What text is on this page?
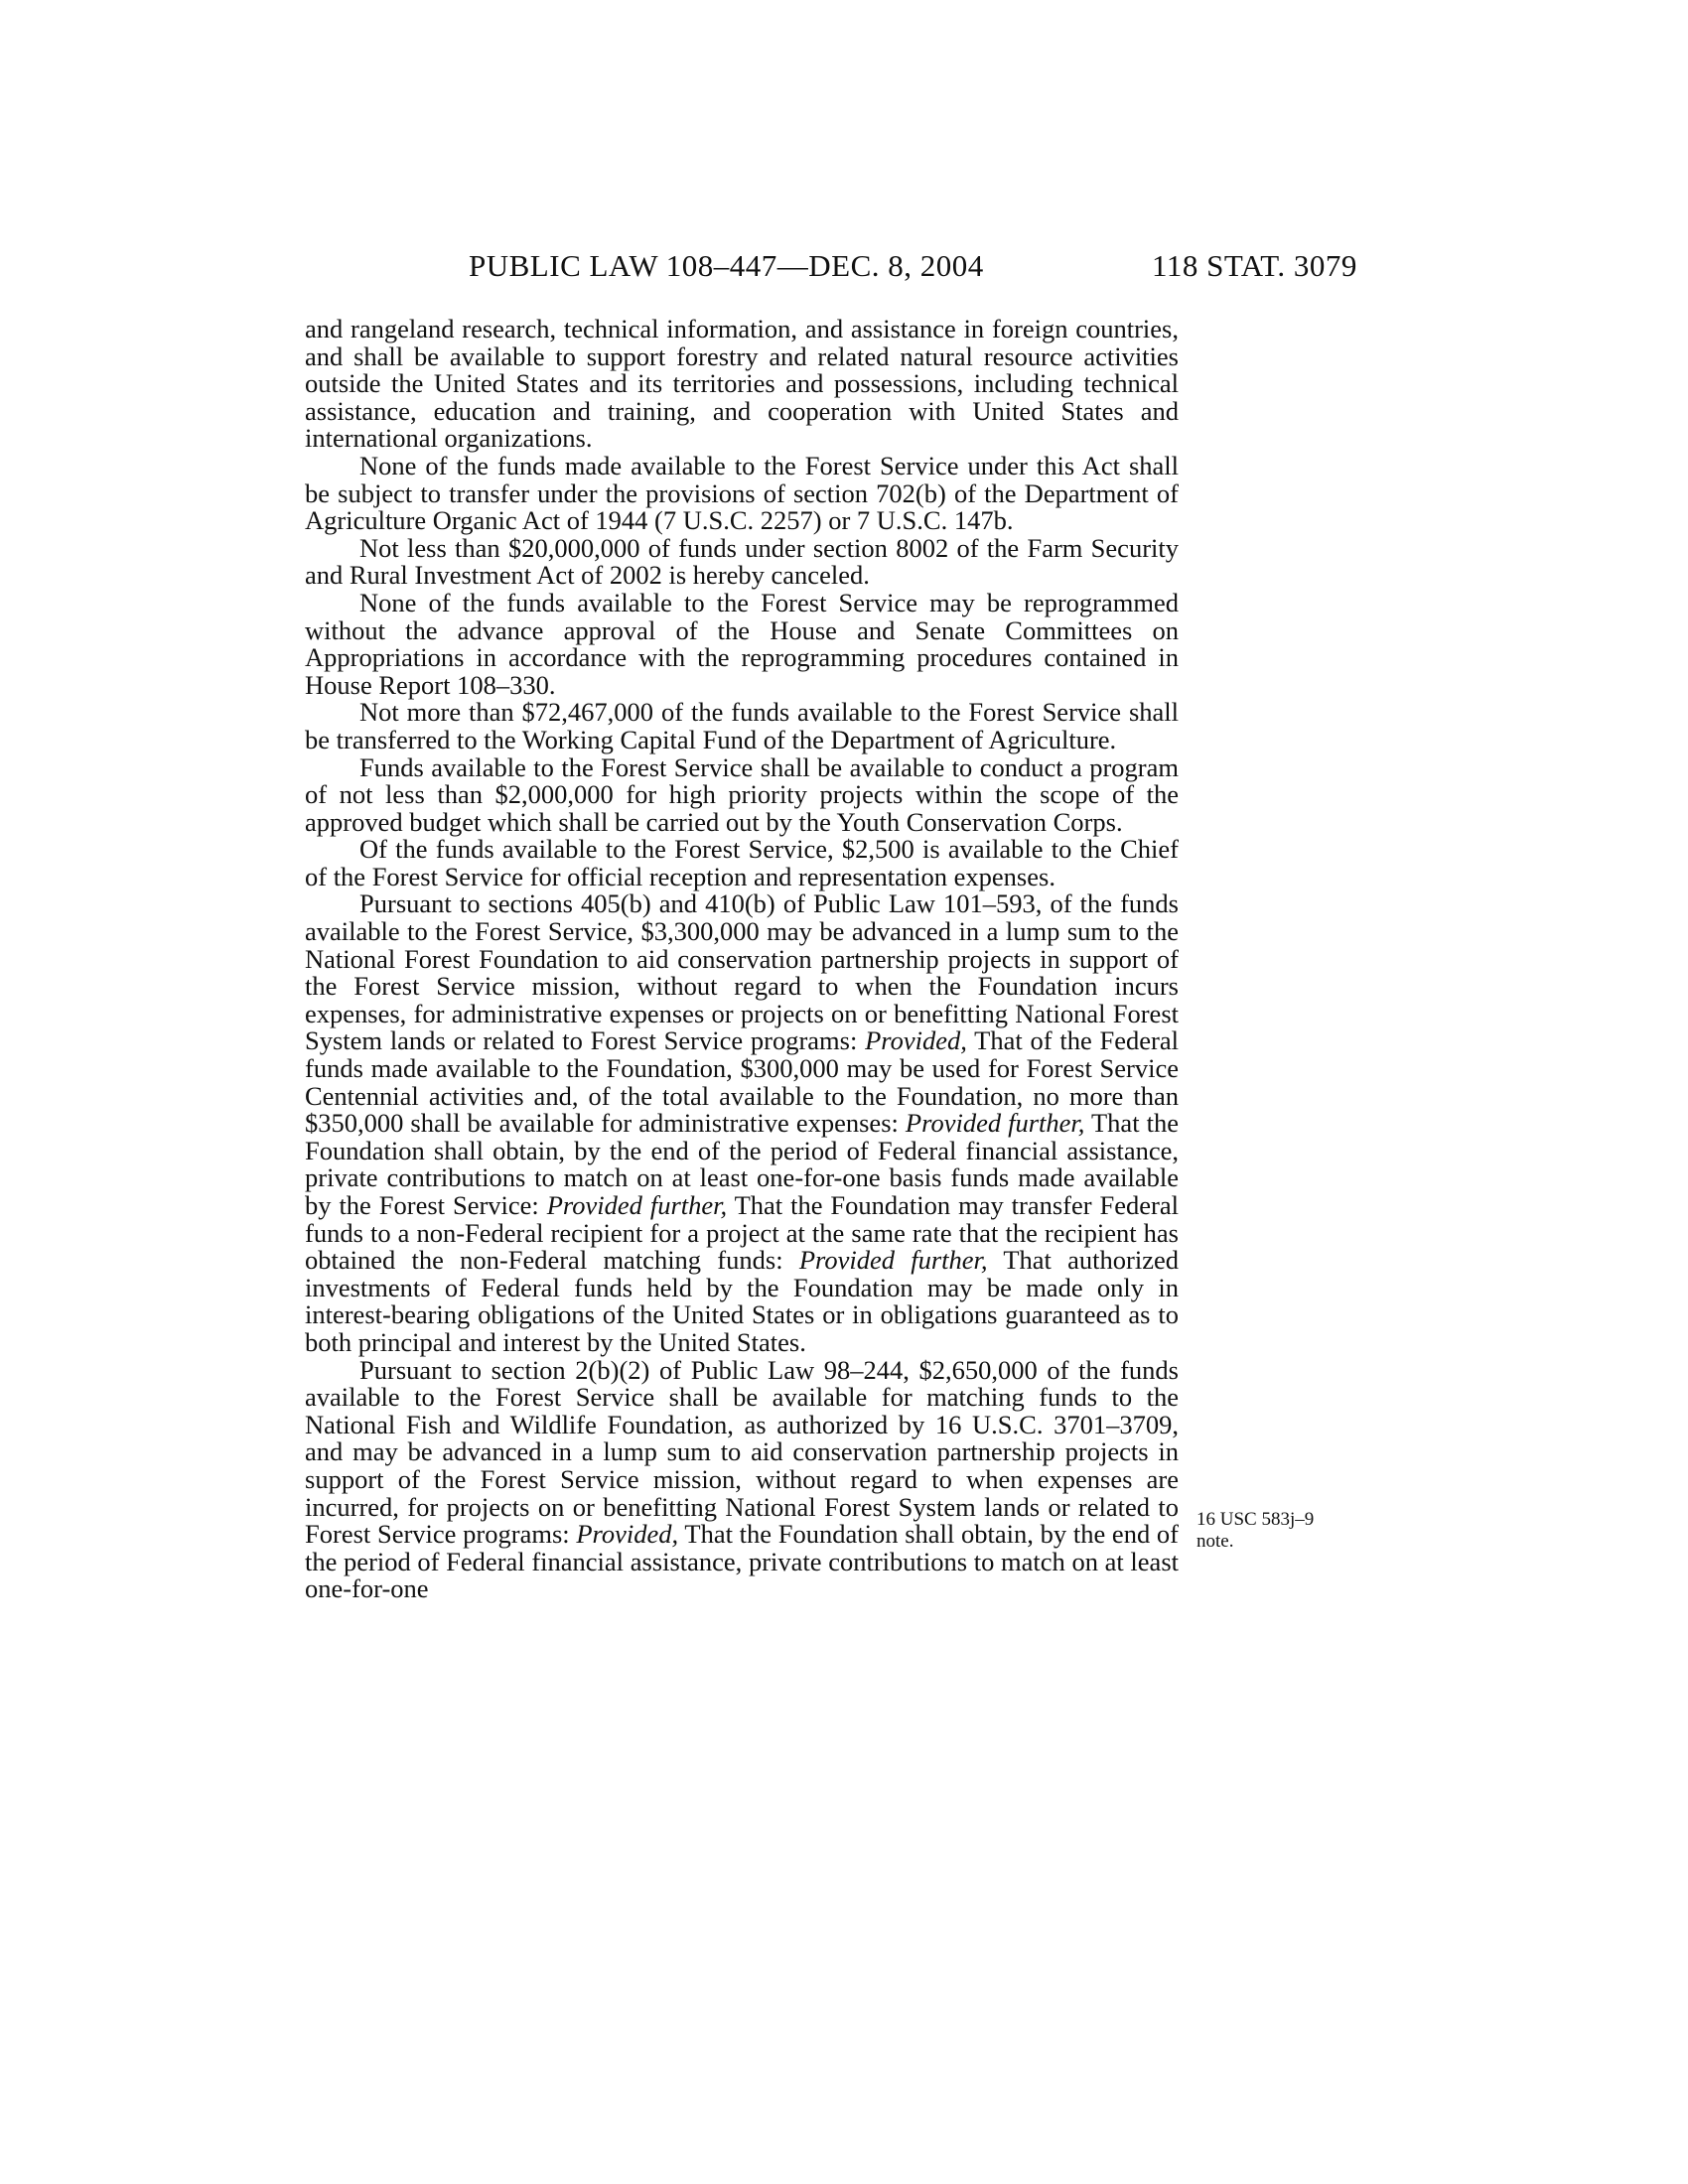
PUBLIC LAW 108–447—DEC. 8, 2004	118 STAT. 3079

and rangeland research, technical information, and assistance in foreign countries, and shall be available to support forestry and related natural resource activities outside the United States and its territories and possessions, including technical assistance, education and training, and cooperation with United States and international organizations.

None of the funds made available to the Forest Service under this Act shall be subject to transfer under the provisions of section 702(b) of the Department of Agriculture Organic Act of 1944 (7 U.S.C. 2257) or 7 U.S.C. 147b.

Not less than $20,000,000 of funds under section 8002 of the Farm Security and Rural Investment Act of 2002 is hereby canceled.

None of the funds available to the Forest Service may be reprogrammed without the advance approval of the House and Senate Committees on Appropriations in accordance with the reprogramming procedures contained in House Report 108–330.

Not more than $72,467,000 of the funds available to the Forest Service shall be transferred to the Working Capital Fund of the Department of Agriculture.

Funds available to the Forest Service shall be available to conduct a program of not less than $2,000,000 for high priority projects within the scope of the approved budget which shall be carried out by the Youth Conservation Corps.

Of the funds available to the Forest Service, $2,500 is available to the Chief of the Forest Service for official reception and representation expenses.

Pursuant to sections 405(b) and 410(b) of Public Law 101–593, of the funds available to the Forest Service, $3,300,000 may be advanced in a lump sum to the National Forest Foundation to aid conservation partnership projects in support of the Forest Service mission, without regard to when the Foundation incurs expenses, for administrative expenses or projects on or benefitting National Forest System lands or related to Forest Service programs: Provided, That of the Federal funds made available to the Foundation, $300,000 may be used for Forest Service Centennial activities and, of the total available to the Foundation, no more than $350,000 shall be available for administrative expenses: Provided further, That the Foundation shall obtain, by the end of the period of Federal financial assistance, private contributions to match on at least one-for-one basis funds made available by the Forest Service: Provided further, That the Foundation may transfer Federal funds to a non-Federal recipient for a project at the same rate that the recipient has obtained the non-Federal matching funds: Provided further, That authorized investments of Federal funds held by the Foundation may be made only in interest-bearing obligations of the United States or in obligations guaranteed as to both principal and interest by the United States.

Pursuant to section 2(b)(2) of Public Law 98–244, $2,650,000 of the funds available to the Forest Service shall be available for matching funds to the National Fish and Wildlife Foundation, as authorized by 16 U.S.C. 3701–3709, and may be advanced in a lump sum to aid conservation partnership projects in support of the Forest Service mission, without regard to when expenses are incurred, for projects on or benefitting National Forest System lands or related to Forest Service programs: Provided, That the Foundation shall obtain, by the end of the period of Federal financial assistance, private contributions to match on at least one-for-one

16 USC 583j–9
note.
